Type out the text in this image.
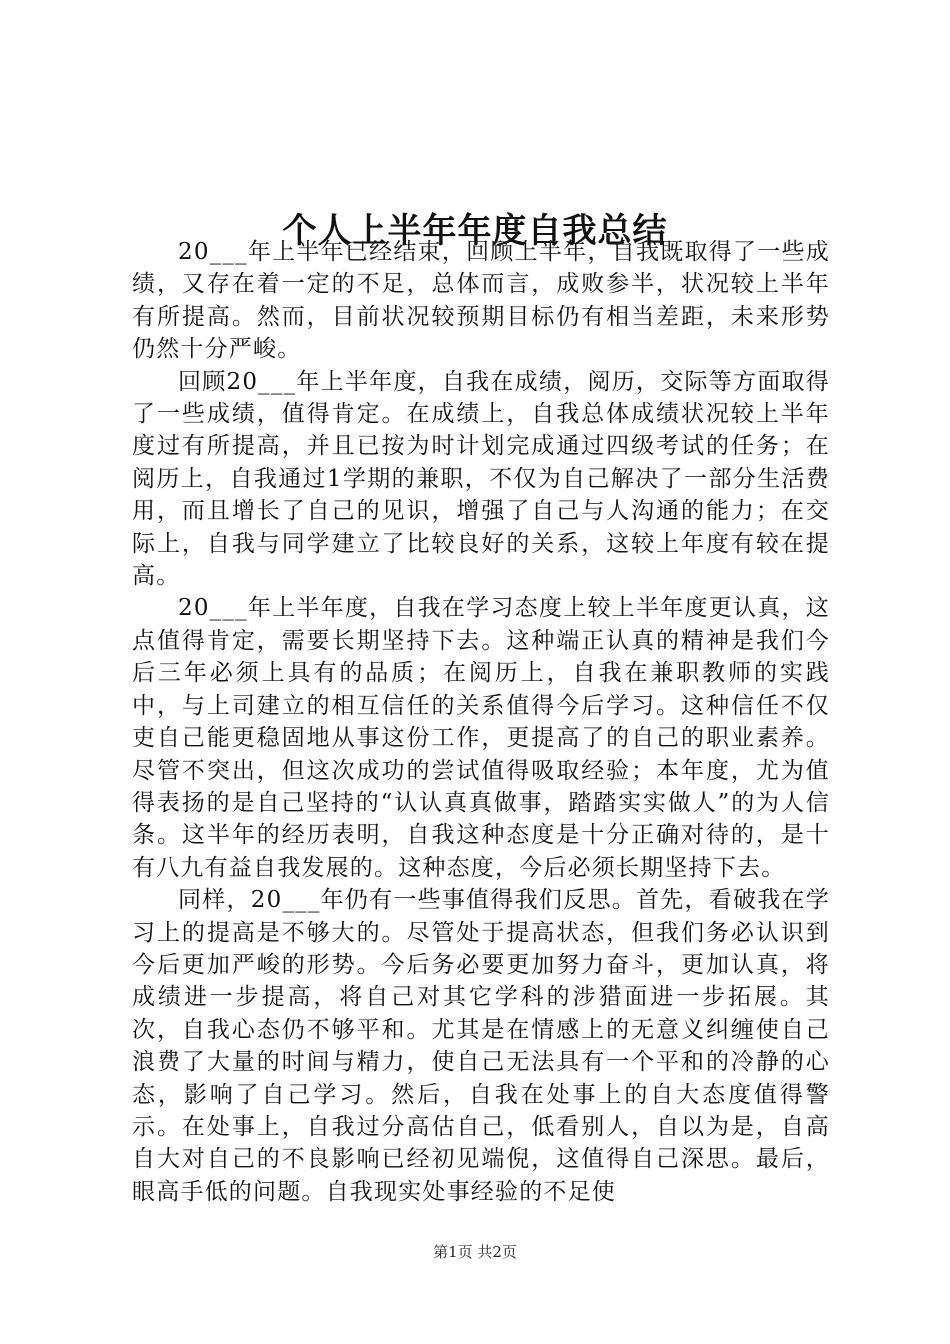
个人上半年年度自我总结

20___年上半年已经结束，回顾上半年，自我既取得了一些成绩，又存在着一定的不足，总体而言，成败参半，状况较上半年有所提高。然而，目前状况较预期目标仍有相当差距，未来形势仍然十分严峻。

回顾20___年上半年度，自我在成绩，阅历，交际等方面取得了一些成绩，值得肯定。在成绩上，自我总体成绩状况较上半年度过有所提高，并且已按为时计划完成通过四级考试的任务；在阅历上，自我通过1学期的兼职，不仅为自己解决了一部分生活费用，而且增长了自己的见识，增强了自己与人沟通的能力；在交际上，自我与同学建立了比较良好的关系，这较上年度有较在提高。

20___年上半年度，自我在学习态度上较上半年度更认真，这点值得肯定，需要长期坚持下去。这种端正认真的精神是我们今后三年必须上具有的品质；在阅历上，自我在兼职教师的实践中，与上司建立的相互信任的关系值得今后学习。这种信任不仅吏自己能更稳固地从事这份工作，更提高了的自己的职业素养。尽管不突出，但这次成功的尝试值得吸取经验；本年度，尤为值得表扬的是自己坚持的“认认真真做事，踏踏实实做人”的为人信条。这半年的经历表明，自我这种态度是十分正确对待的，是十有八九有益自我发展的。这种态度，今后必须长期坚持下去。

同样，20___年仍有一些事值得我们反思。首先，看破我在学习上的提高是不够大的。尽管处于提高状态，但我们务必认识到今后更加严峻的形势。今后务必要更加努力奋斗，更加认真，将成绩进一步提高，将自己对其它学科的涉猎面进一步拓展。其次，自我心态仍不够平和。尤其是在情感上的无意义纠缠使自己浪费了大量的时间与精力，使自己无法具有一个平和的冷静的心态，影响了自己学习。然后，自我在处事上的自大态度值得警示。在处事上，自我过分高估自己，低看别人，自以为是，自高自大对自己的不良影响已经初见端倪，这值得自己深思。最后，眼高手低的问题。自我现实处事经验的不足使

第1页 共2页
